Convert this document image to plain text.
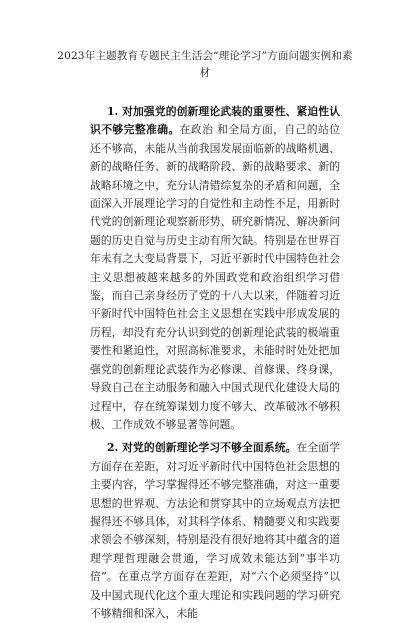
2023年主题教育专题民主生活会“理论学习”方面问题实例和素材

1. 对加强党的创新理论武装的重要性、紧迫性认识不够完整准确。在政治 和全局方面，自己的站位还不够高，未能从当前我国发展面临新的战略机遇、新的战略任务、新的战略阶段、新的战略要求、新的战略环境之中，充分认清错综复杂的矛盾和问题，全面深入开展理论学习的自觉性和主动性不足，用新时代党的创新理论观察新形势、研究新情况、解决新问题的历史自觉与历史主动有所欠缺。特别是在世界百年未有之大变局背景下，习近平新时代中国特色社会主义思想被越来越多的外国政党和政治组织学习借鉴，而自己亲身经历了党的十八大以来，伴随着习近平新时代中国特色社会主义思想在实践中形成发展的历程，却没有充分认识到党的创新理论武装的极端重要性和紧迫性，对照高标准要求，未能时时处处把加强党的创新理论武装作为必修课、首修课、终身课，导致自己在主动服务和融入中国式现代化建设大局的过程中，存在统筹谋划力度不够大、改革破冰不够积极、工作成效不够显著等问题。

2. 对党的创新理论学习不够全面系统。在全面学方面存在差距，对习近平新时代中国特色社会思想的主要内容，学习掌握得还不够完整准确，对这一重要思想的世界观、方法论和贯穿其中的立场观点方法把握得还不够具体，对其科学体系、精髓要义和实践要求领会不够深刻，特别是没有很好地将其中蕴含的道理学理哲理融会贯通，学习成效未能达到“事半功倍”。在重点学方面存在差距，对“六个必须坚持”以及中国式现代化这个重大理论和实践问题的学习研究不够精细和深入，未能
